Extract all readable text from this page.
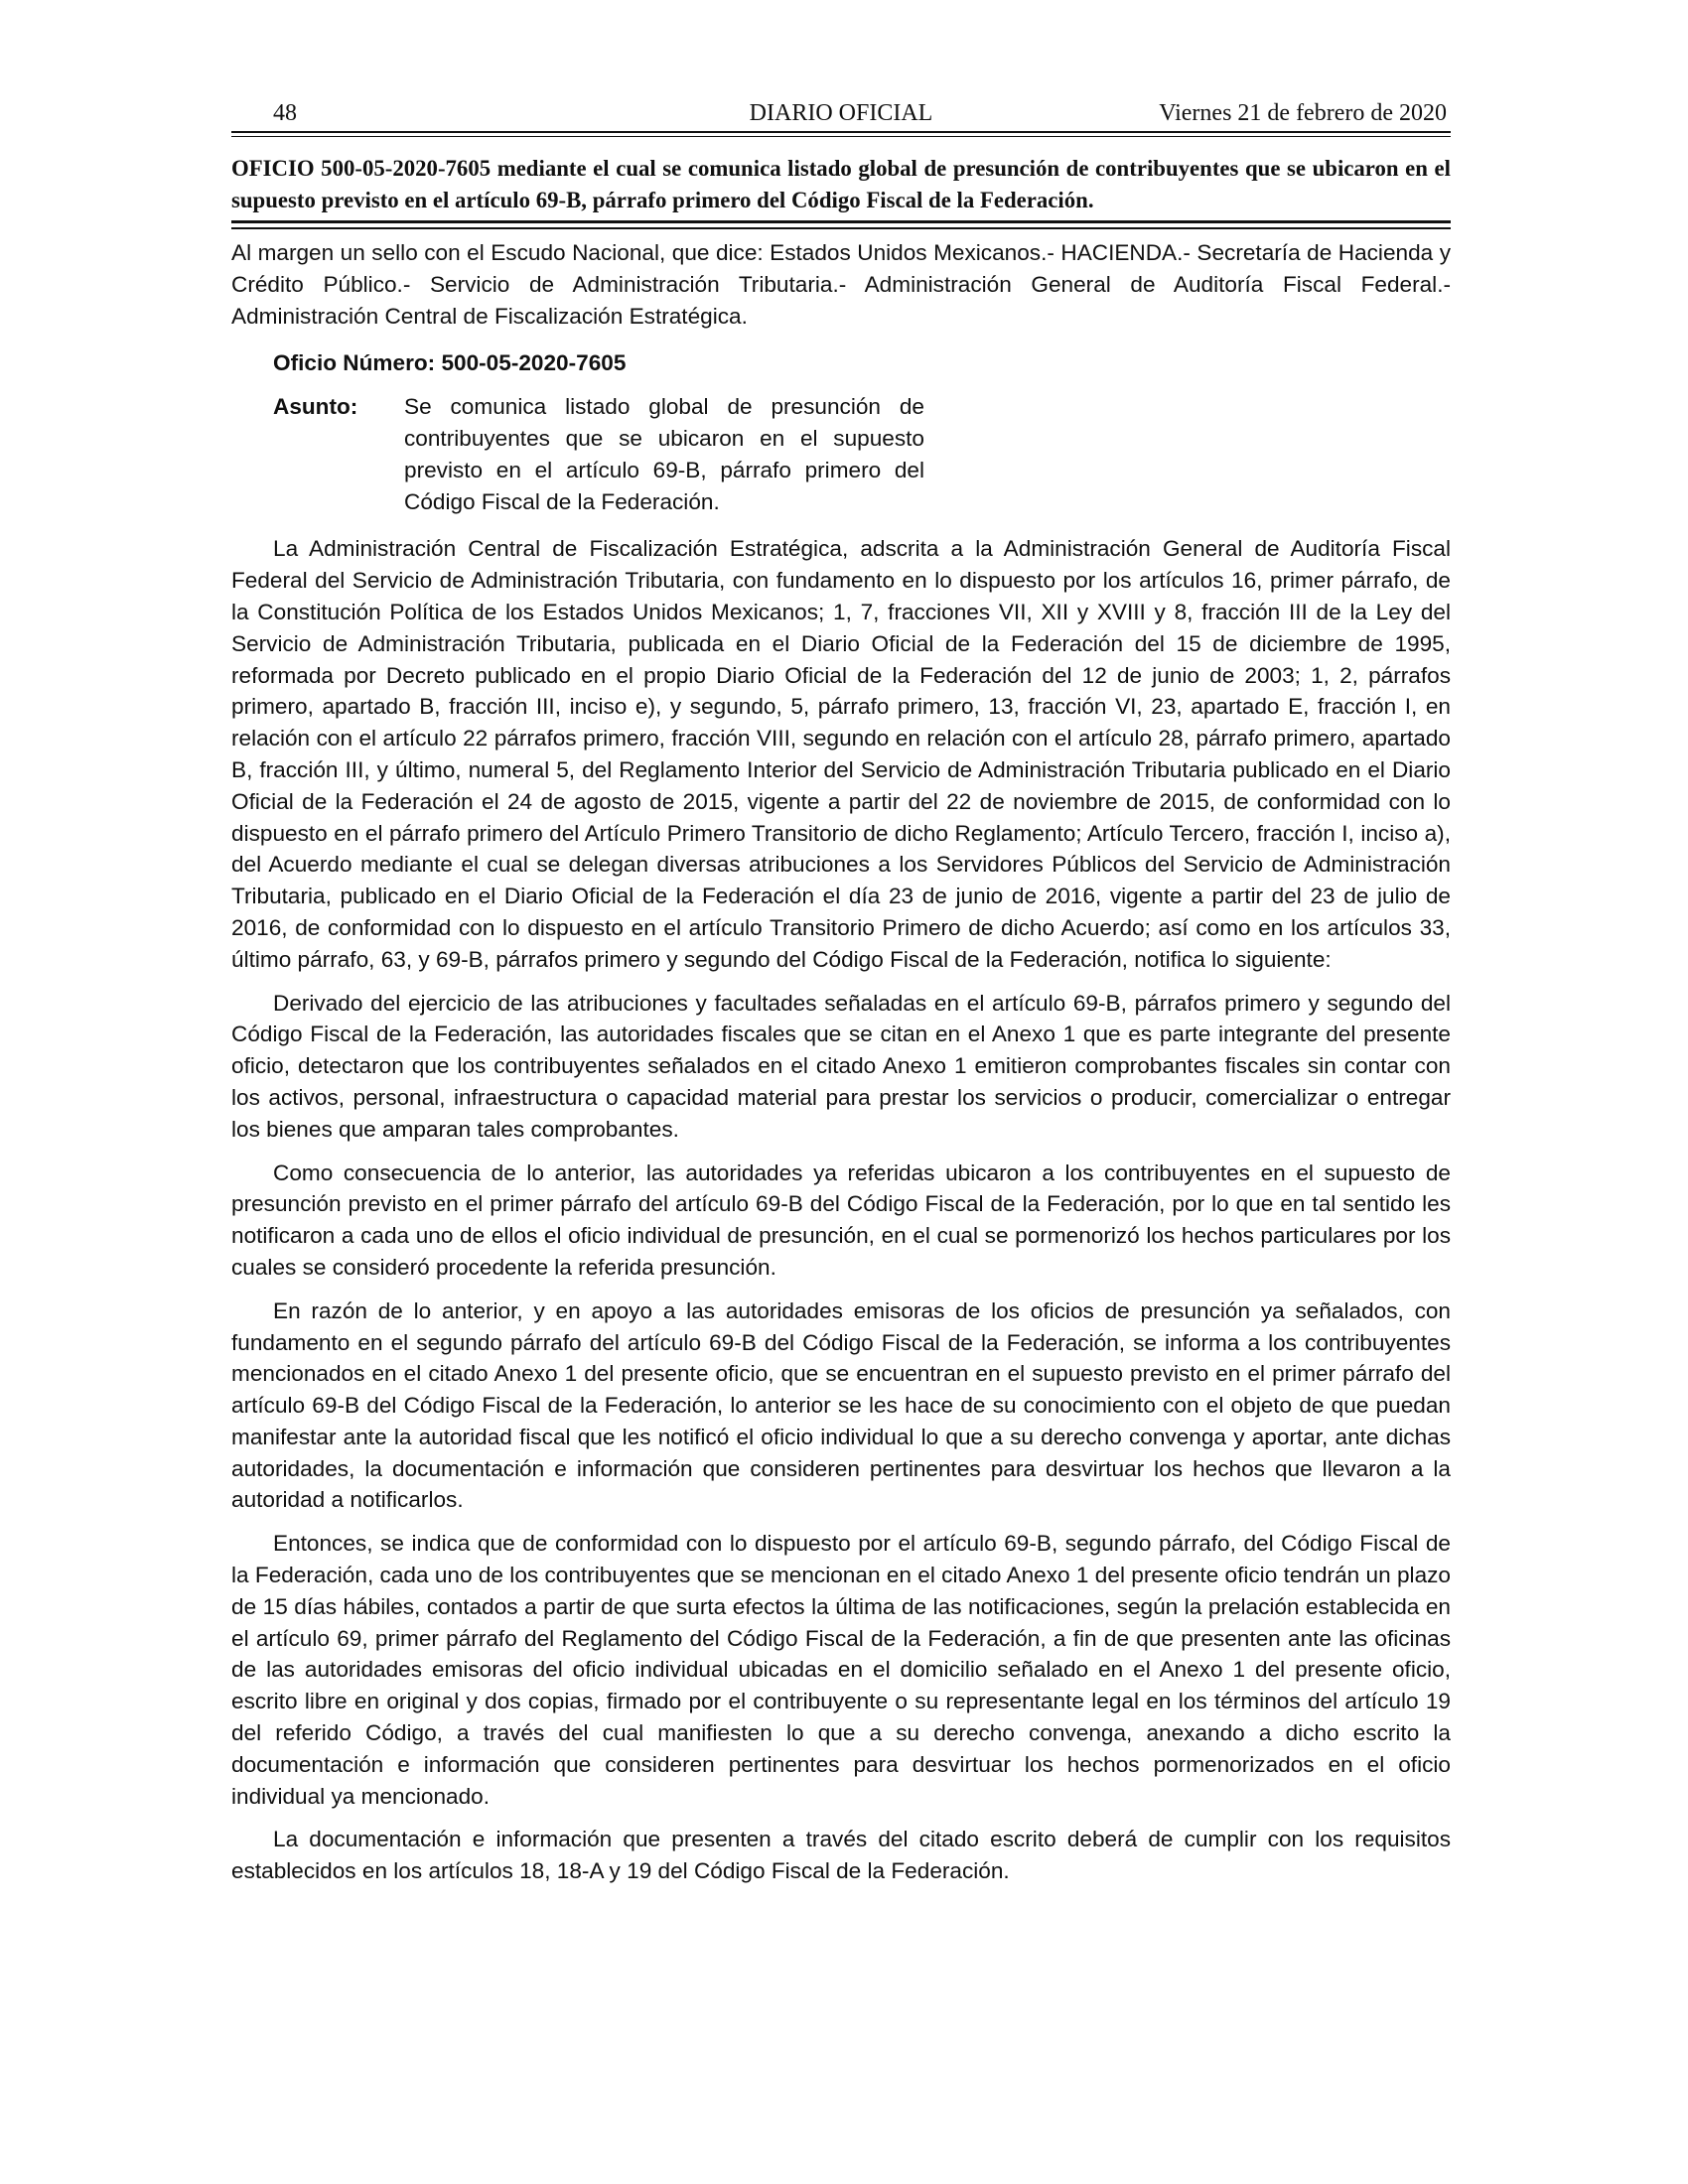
48	DIARIO OFICIAL	Viernes 21 de febrero de 2020

OFICIO 500-05-2020-7605 mediante el cual se comunica listado global de presunción de contribuyentes que se ubicaron en el supuesto previsto en el artículo 69-B, párrafo primero del Código Fiscal de la Federación.

Al margen un sello con el Escudo Nacional, que dice: Estados Unidos Mexicanos.- HACIENDA.- Secretaría de Hacienda y Crédito Público.- Servicio de Administración Tributaria.- Administración General de Auditoría Fiscal Federal.- Administración Central de Fiscalización Estratégica.

Oficio Número: 500-05-2020-7605
Asunto:	Se comunica listado global de presunción de contribuyentes que se ubicaron en el supuesto previsto en el artículo 69-B, párrafo primero del Código Fiscal de la Federación.

La Administración Central de Fiscalización Estratégica, adscrita a la Administración General de Auditoría Fiscal Federal del Servicio de Administración Tributaria, con fundamento en lo dispuesto por los artículos 16, primer párrafo, de la Constitución Política de los Estados Unidos Mexicanos; 1, 7, fracciones VII, XII y XVIII y 8, fracción III de la Ley del Servicio de Administración Tributaria, publicada en el Diario Oficial de la Federación del 15 de diciembre de 1995, reformada por Decreto publicado en el propio Diario Oficial de la Federación del 12 de junio de 2003; 1, 2, párrafos primero, apartado B, fracción III, inciso e), y segundo, 5, párrafo primero, 13, fracción VI, 23, apartado E, fracción I, en relación con el artículo 22 párrafos primero, fracción VIII, segundo en relación con el artículo 28, párrafo primero, apartado B, fracción III, y último, numeral 5, del Reglamento Interior del Servicio de Administración Tributaria publicado en el Diario Oficial de la Federación el 24 de agosto de 2015, vigente a partir del 22 de noviembre de 2015, de conformidad con lo dispuesto en el párrafo primero del Artículo Primero Transitorio de dicho Reglamento; Artículo Tercero, fracción I, inciso a), del Acuerdo mediante el cual se delegan diversas atribuciones a los Servidores Públicos del Servicio de Administración Tributaria, publicado en el Diario Oficial de la Federación el día 23 de junio de 2016, vigente a partir del 23 de julio de 2016, de conformidad con lo dispuesto en el artículo Transitorio Primero de dicho Acuerdo; así como en los artículos 33, último párrafo, 63, y 69-B, párrafos primero y segundo del Código Fiscal de la Federación, notifica lo siguiente:

Derivado del ejercicio de las atribuciones y facultades señaladas en el artículo 69-B, párrafos primero y segundo del Código Fiscal de la Federación, las autoridades fiscales que se citan en el Anexo 1 que es parte integrante del presente oficio, detectaron que los contribuyentes señalados en el citado Anexo 1 emitieron comprobantes fiscales sin contar con los activos, personal, infraestructura o capacidad material para prestar los servicios o producir, comercializar o entregar los bienes que amparan tales comprobantes.

Como consecuencia de lo anterior, las autoridades ya referidas ubicaron a los contribuyentes en el supuesto de presunción previsto en el primer párrafo del artículo 69-B del Código Fiscal de la Federación, por lo que en tal sentido les notificaron a cada uno de ellos el oficio individual de presunción, en el cual se pormenorizó los hechos particulares por los cuales se consideró procedente la referida presunción.

En razón de lo anterior, y en apoyo a las autoridades emisoras de los oficios de presunción ya señalados, con fundamento en el segundo párrafo del artículo 69-B del Código Fiscal de la Federación, se informa a los contribuyentes mencionados en el citado Anexo 1 del presente oficio, que se encuentran en el supuesto previsto en el primer párrafo del artículo 69-B del Código Fiscal de la Federación, lo anterior se les hace de su conocimiento con el objeto de que puedan manifestar ante la autoridad fiscal que les notificó el oficio individual lo que a su derecho convenga y aportar, ante dichas autoridades, la documentación e información que consideren pertinentes para desvirtuar los hechos que llevaron a la autoridad a notificarlos.

Entonces, se indica que de conformidad con lo dispuesto por el artículo 69-B, segundo párrafo, del Código Fiscal de la Federación, cada uno de los contribuyentes que se mencionan en el citado Anexo 1 del presente oficio tendrán un plazo de 15 días hábiles, contados a partir de que surta efectos la última de las notificaciones, según la prelación establecida en el artículo 69, primer párrafo del Reglamento del Código Fiscal de la Federación, a fin de que presenten ante las oficinas de las autoridades emisoras del oficio individual ubicadas en el domicilio señalado en el Anexo 1 del presente oficio, escrito libre en original y dos copias, firmado por el contribuyente o su representante legal en los términos del artículo 19 del referido Código, a través del cual manifiesten lo que a su derecho convenga, anexando a dicho escrito la documentación e información que consideren pertinentes para desvirtuar los hechos pormenorizados en el oficio individual ya mencionado.

La documentación e información que presenten a través del citado escrito deberá de cumplir con los requisitos establecidos en los artículos 18, 18-A y 19 del Código Fiscal de la Federación.
